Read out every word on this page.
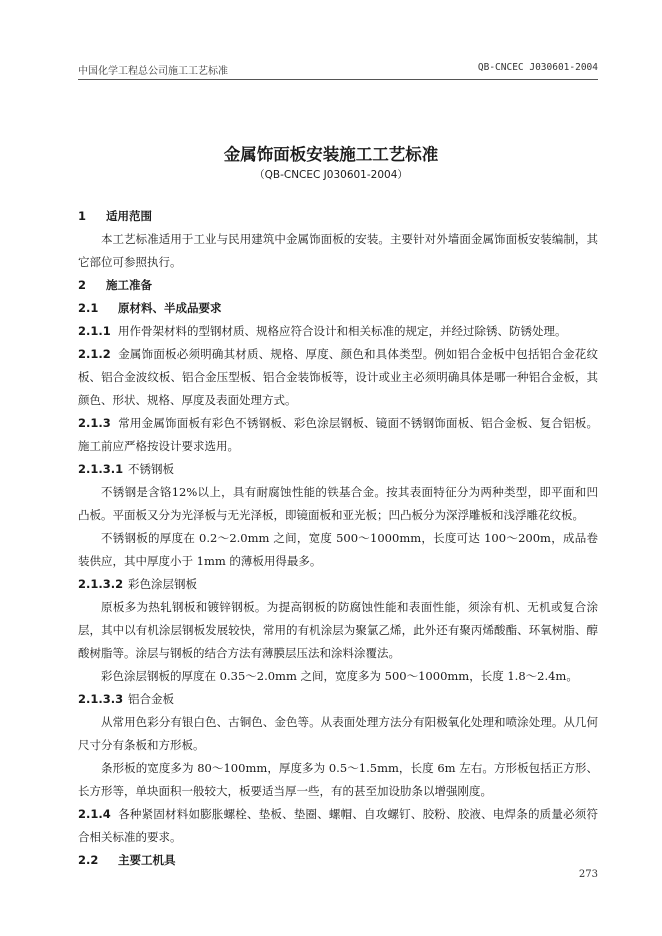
中国化学工程总公司施工工艺标准	QB-CNCEC J030601-2004
金属饰面板安装施工工艺标准
（QB-CNCEC J030601-2004）

1 适用范围

本工艺标准适用于工业与民用建筑中金属饰面板的安装。主要针对外墙面金属饰面板安装编制，其它部位可参照执行。

2 施工准备

2.1 原材料、半成品要求

2.1.1 用作骨架材料的型钢材质、规格应符合设计和相关标准的规定，并经过除锈、防锈处理。

2.1.2 金属饰面板必须明确其材质、规格、厚度、颜色和具体类型。例如铝合金板中包括铝合金花纹板、铝合金波纹板、铝合金压型板、铝合金装饰板等，设计或业主必须明确具体是哪一种铝合金板，其颜色、形状、规格、厚度及表面处理方式。

2.1.3 常用金属饰面板有彩色不锈钢板、彩色涂层钢板、镜面不锈钢饰面板、铝合金板、复合铝板。施工前应严格按设计要求选用。

2.1.3.1 不锈钢板

不锈钢是含铬12%以上，具有耐腐蚀性能的铁基合金。按其表面特征分为两种类型，即平面和凹凸板。平面板又分为光泽板与无光泽板，即镜面板和亚光板；凹凸板分为深浮雕板和浅浮雕花纹板。

不锈钢板的厚度在 0.2～2.0mm 之间，宽度 500～1000mm，长度可达 100～200m，成品卷装供应，其中厚度小于 1mm 的薄板用得最多。

2.1.3.2 彩色涂层钢板

原板多为热轧钢板和镀锌钢板。为提高钢板的防腐蚀性能和表面性能，须涂有机、无机或复合涂层，其中以有机涂层钢板发展较快，常用的有机涂层为聚氯乙烯，此外还有聚丙烯酸酯、环氧树脂、醇酸树脂等。涂层与钢板的结合方法有薄膜层压法和涂料涂覆法。

彩色涂层钢板的厚度在 0.35～2.0mm 之间，宽度多为 500～1000mm，长度 1.8～2.4m。

2.1.3.3 铝合金板

从常用色彩分有银白色、古铜色、金色等。从表面处理方法分有阳极氧化处理和喷涂处理。从几何尺寸分有条板和方形板。

条形板的宽度多为 80～100mm，厚度多为 0.5～1.5mm，长度 6m 左右。方形板包括正方形、长方形等，单块面积一般较大，板要适当厚一些，有的甚至加设肋条以增强刚度。

2.1.4 各种紧固材料如膨胀螺栓、垫板、垫圈、螺帽、自攻螺钉、胶粉、胶液、电焊条的质量必须符合相关标准的要求。

2.2 主要工机具

273
